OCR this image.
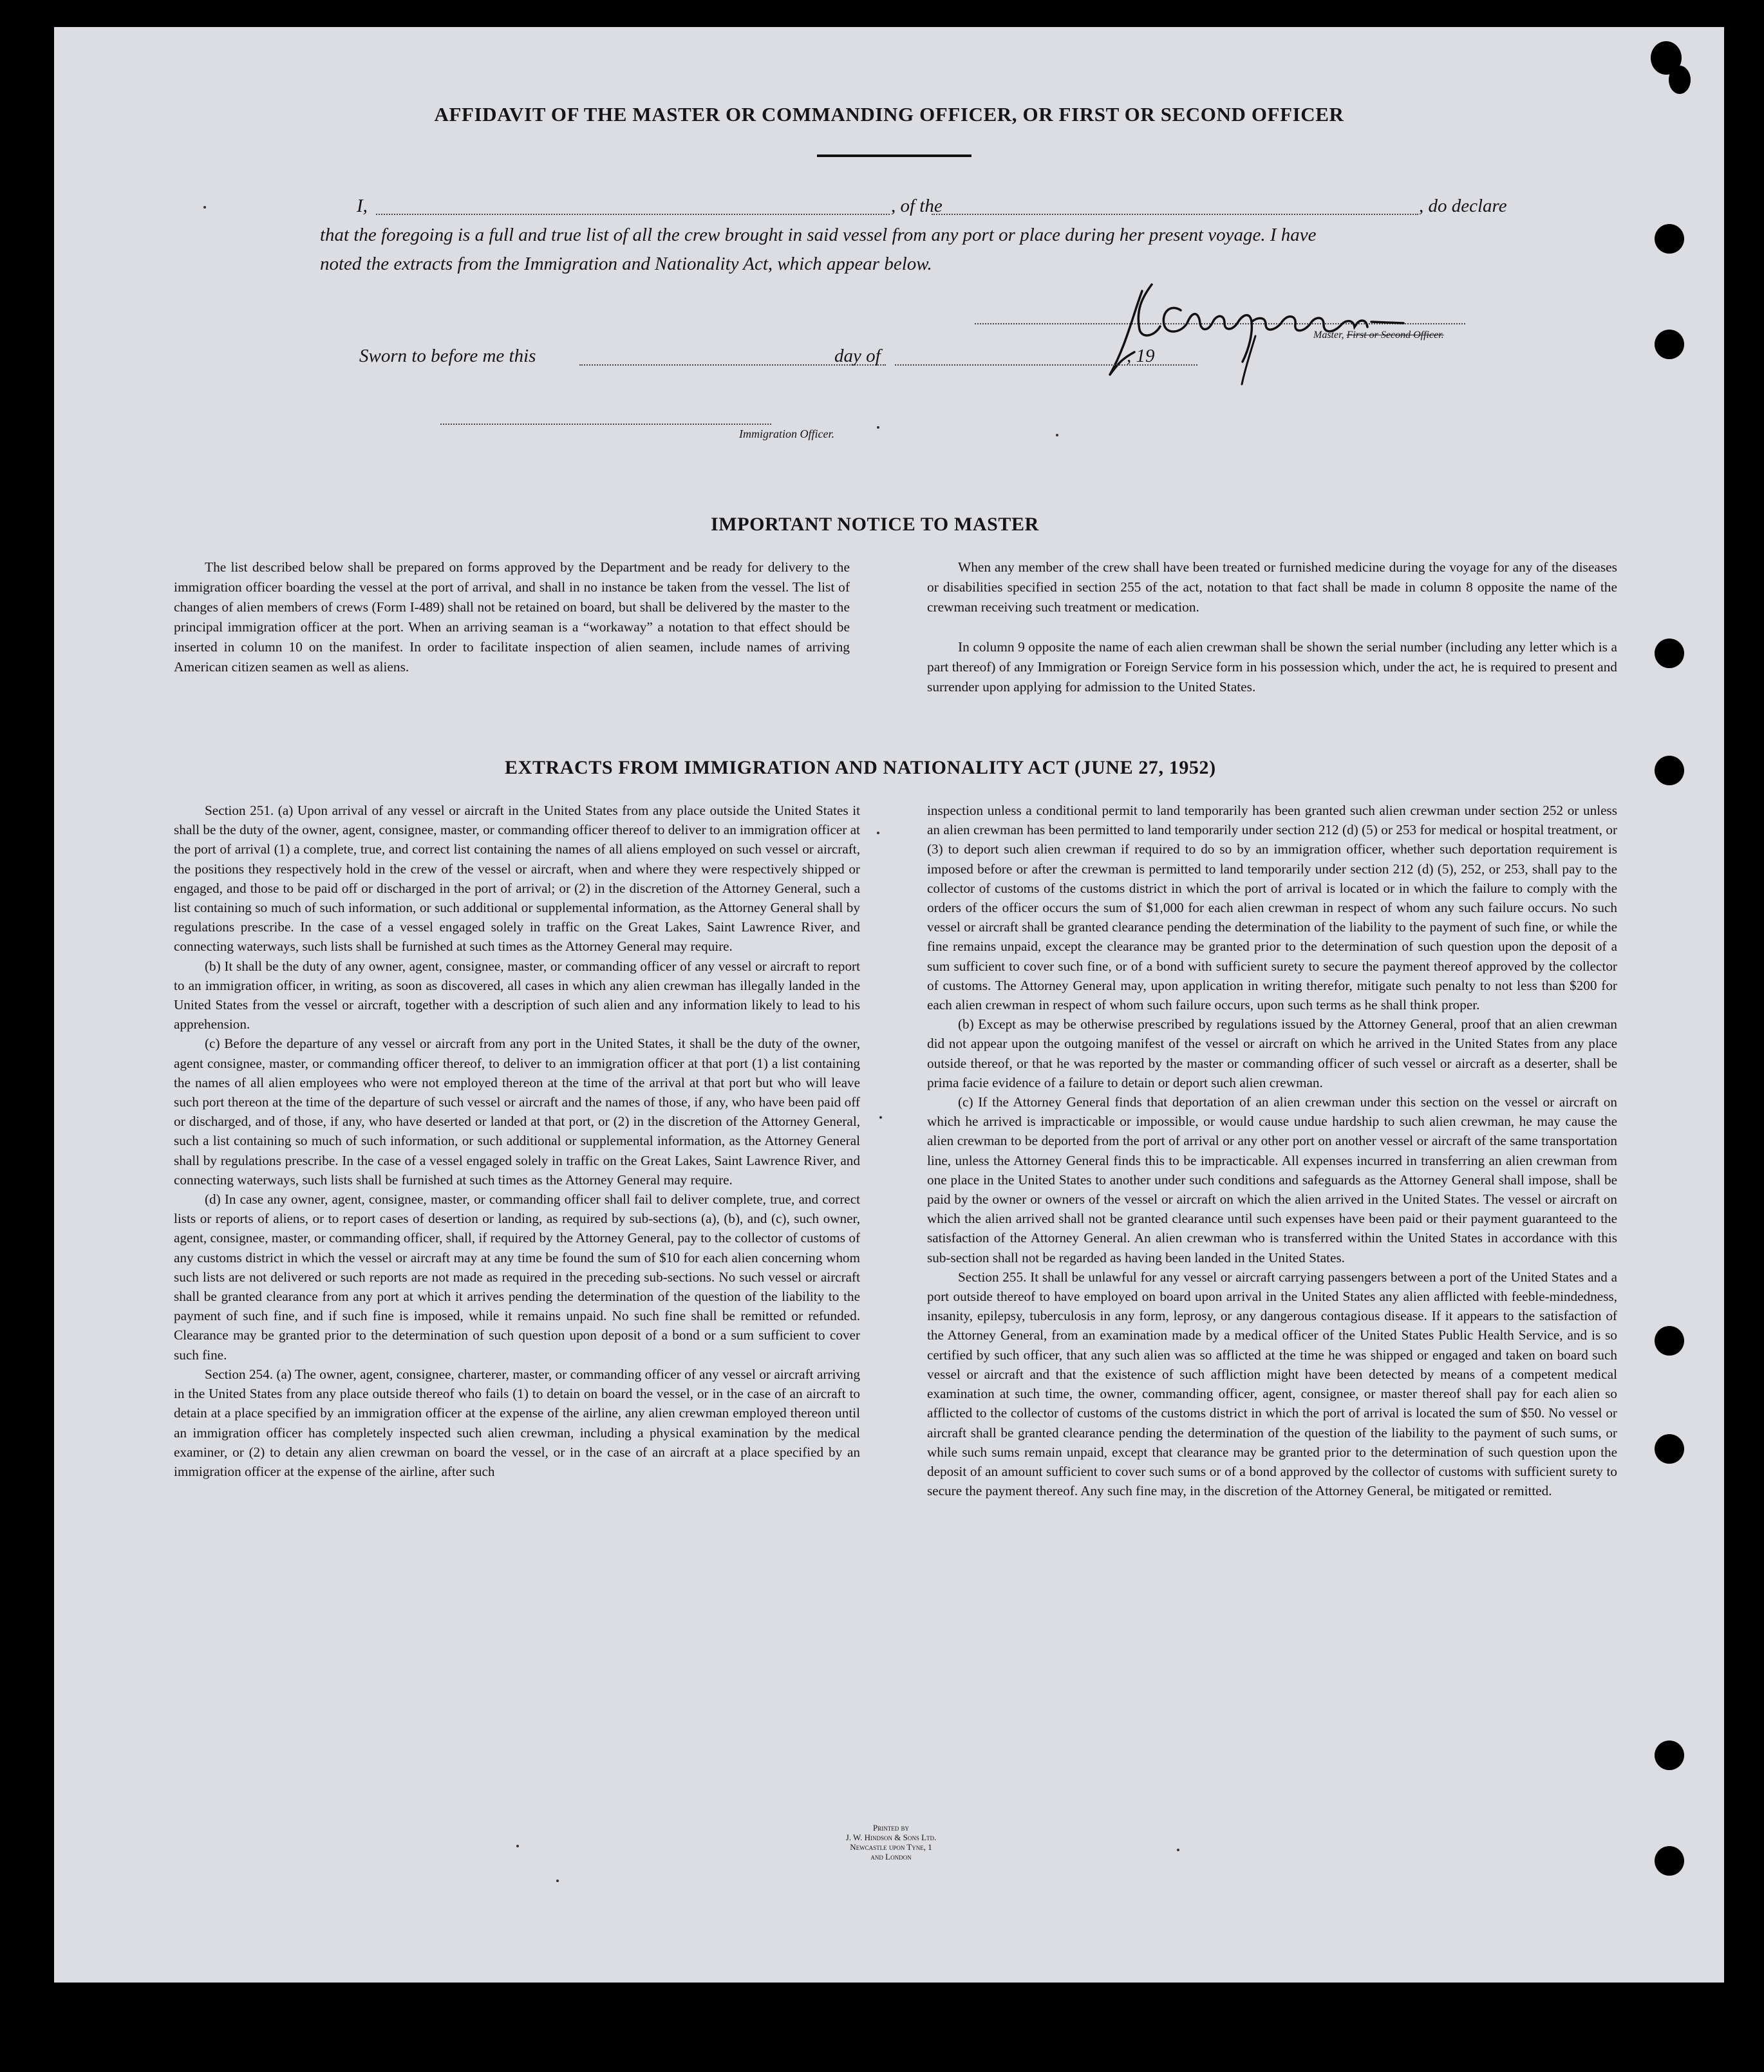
AFFIDAVIT OF THE MASTER OR COMMANDING OFFICER, OR FIRST OR SECOND OFFICER
I,	, of the	, do declare
that the foregoing is a full and true list of all the crew brought in said vessel from any port or place during her present voyage. I have
noted the extracts from the Immigration and Nationality Act, which appear below.
Master, First or Second Officer.
Sworn to before me this	day of	, 19
Immigration Officer.
IMPORTANT NOTICE TO MASTER

The list described below shall be prepared on forms approved by the Department and be ready for delivery to the immigration officer boarding the vessel at the port of arrival, and shall in no instance be taken from the vessel. The list of changes of alien members of crews (Form I-489) shall not be retained on board, but shall be delivered by the master to the principal immigration officer at the port. When an arriving seaman is a “workaway” a notation to that effect should be inserted in column 10 on the manifest. In order to facilitate inspection of alien seamen, include names of arriving American citizen seamen as well as aliens.

When any member of the crew shall have been treated or furnished medicine during the voyage for any of the diseases or disabilities specified in section 255 of the act, notation to that fact shall be made in column 8 opposite the name of the crewman receiving such treatment or medication.

In column 9 opposite the name of each alien crewman shall be shown the serial number (including any letter which is a part thereof) of any Immigration or Foreign Service form in his possession which, under the act, he is required to present and surrender upon applying for admission to the United States.

EXTRACTS FROM IMMIGRATION AND NATIONALITY ACT (JUNE 27, 1952)

Section 251. (a) Upon arrival of any vessel or aircraft in the United States from any place outside the United States it shall be the duty of the owner, agent, consignee, master, or commanding officer thereof to deliver to an immigration officer at the port of arrival (1) a complete, true, and correct list containing the names of all aliens employed on such vessel or aircraft, the positions they respectively hold in the crew of the vessel or aircraft, when and where they were respectively shipped or engaged, and those to be paid off or discharged in the port of arrival; or (2) in the discretion of the Attorney General, such a list containing so much of such information, or such additional or supplemental information, as the Attorney General shall by regulations prescribe. In the case of a vessel engaged solely in traffic on the Great Lakes, Saint Lawrence River, and connecting waterways, such lists shall be furnished at such times as the Attorney General may require.

(b) It shall be the duty of any owner, agent, consignee, master, or commanding officer of any vessel or aircraft to report to an immigration officer, in writing, as soon as discovered, all cases in which any alien crewman has illegally landed in the United States from the vessel or aircraft, together with a description of such alien and any information likely to lead to his apprehension.

(c) Before the departure of any vessel or aircraft from any port in the United States, it shall be the duty of the owner, agent consignee, master, or commanding officer thereof, to deliver to an immigration officer at that port (1) a list containing the names of all alien employees who were not employed thereon at the time of the arrival at that port but who will leave such port thereon at the time of the departure of such vessel or aircraft and the names of those, if any, who have been paid off or discharged, and of those, if any, who have deserted or landed at that port, or (2) in the discretion of the Attorney General, such a list containing so much of such information, or such additional or supplemental information, as the Attorney General shall by regulations prescribe. In the case of a vessel engaged solely in traffic on the Great Lakes, Saint Lawrence River, and connecting waterways, such lists shall be furnished at such times as the Attorney General may require.

(d) In case any owner, agent, consignee, master, or commanding officer shall fail to deliver complete, true, and correct lists or reports of aliens, or to report cases of desertion or landing, as required by sub-sections (a), (b), and (c), such owner, agent, consignee, master, or commanding officer, shall, if required by the Attorney General, pay to the collector of customs of any customs district in which the vessel or aircraft may at any time be found the sum of $10 for each alien concerning whom such lists are not delivered or such reports are not made as required in the preceding sub-sections. No such vessel or aircraft shall be granted clearance from any port at which it arrives pending the determination of the question of the liability to the payment of such fine, and if such fine is imposed, while it remains unpaid. No such fine shall be remitted or refunded. Clearance may be granted prior to the determination of such question upon deposit of a bond or a sum sufficient to cover such fine.

Section 254. (a) The owner, agent, consignee, charterer, master, or commanding officer of any vessel or aircraft arriving in the United States from any place outside thereof who fails (1) to detain on board the vessel, or in the case of an aircraft to detain at a place specified by an immigration officer at the expense of the airline, any alien crewman employed thereon until an immigration officer has completely inspected such alien crewman, including a physical examination by the medical examiner, or (2) to detain any alien crewman on board the vessel, or in the case of an aircraft at a place specified by an immigration officer at the expense of the airline, after such

inspection unless a conditional permit to land temporarily has been granted such alien crewman under section 252 or unless an alien crewman has been permitted to land temporarily under section 212 (d) (5) or 253 for medical or hospital treatment, or (3) to deport such alien crewman if required to do so by an immigration officer, whether such deportation requirement is imposed before or after the crewman is permitted to land temporarily under section 212 (d) (5), 252, or 253, shall pay to the collector of customs of the customs district in which the port of arrival is located or in which the failure to comply with the orders of the officer occurs the sum of $1,000 for each alien crewman in respect of whom any such failure occurs. No such vessel or aircraft shall be granted clearance pending the determination of the liability to the payment of such fine, or while the fine remains unpaid, except the clearance may be granted prior to the determination of such question upon the deposit of a sum sufficient to cover such fine, or of a bond with sufficient surety to secure the payment thereof approved by the collector of customs. The Attorney General may, upon application in writing therefor, mitigate such penalty to not less than $200 for each alien crewman in respect of whom such failure occurs, upon such terms as he shall think proper.

(b) Except as may be otherwise prescribed by regulations issued by the Attorney General, proof that an alien crewman did not appear upon the outgoing manifest of the vessel or aircraft on which he arrived in the United States from any place outside thereof, or that he was reported by the master or commanding officer of such vessel or aircraft as a deserter, shall be prima facie evidence of a failure to detain or deport such alien crewman.

(c) If the Attorney General finds that deportation of an alien crewman under this section on the vessel or aircraft on which he arrived is impracticable or impossible, or would cause undue hardship to such alien crewman, he may cause the alien crewman to be deported from the port of arrival or any other port on another vessel or aircraft of the same transportation line, unless the Attorney General finds this to be impracticable. All expenses incurred in transferring an alien crewman from one place in the United States to another under such conditions and safeguards as the Attorney General shall impose, shall be paid by the owner or owners of the vessel or aircraft on which the alien arrived in the United States. The vessel or aircraft on which the alien arrived shall not be granted clearance until such expenses have been paid or their payment guaranteed to the satisfaction of the Attorney General. An alien crewman who is transferred within the United States in accordance with this sub-section shall not be regarded as having been landed in the United States.

Section 255. It shall be unlawful for any vessel or aircraft carrying passengers between a port of the United States and a port outside thereof to have employed on board upon arrival in the United States any alien afflicted with feeble-mindedness, insanity, epilepsy, tuberculosis in any form, leprosy, or any dangerous contagious disease. If it appears to the satisfaction of the Attorney General, from an examination made by a medical officer of the United States Public Health Service, and is so certified by such officer, that any such alien was so afflicted at the time he was shipped or engaged and taken on board such vessel or aircraft and that the existence of such affliction might have been detected by means of a competent medical examination at such time, the owner, commanding officer, agent, consignee, or master thereof shall pay for each alien so afflicted to the collector of customs of the customs district in which the port of arrival is located the sum of $50. No vessel or aircraft shall be granted clearance pending the determination of the question of the liability to the payment of such sums, or while such sums remain unpaid, except that clearance may be granted prior to the determination of such question upon the deposit of an amount sufficient to cover such sums or of a bond approved by the collector of customs with sufficient surety to secure the payment thereof. Any such fine may, in the discretion of the Attorney General, be mitigated or remitted.

Printed by
J. W. Hindson & Sons Ltd.
Newcastle upon Tyne, 1
and London
